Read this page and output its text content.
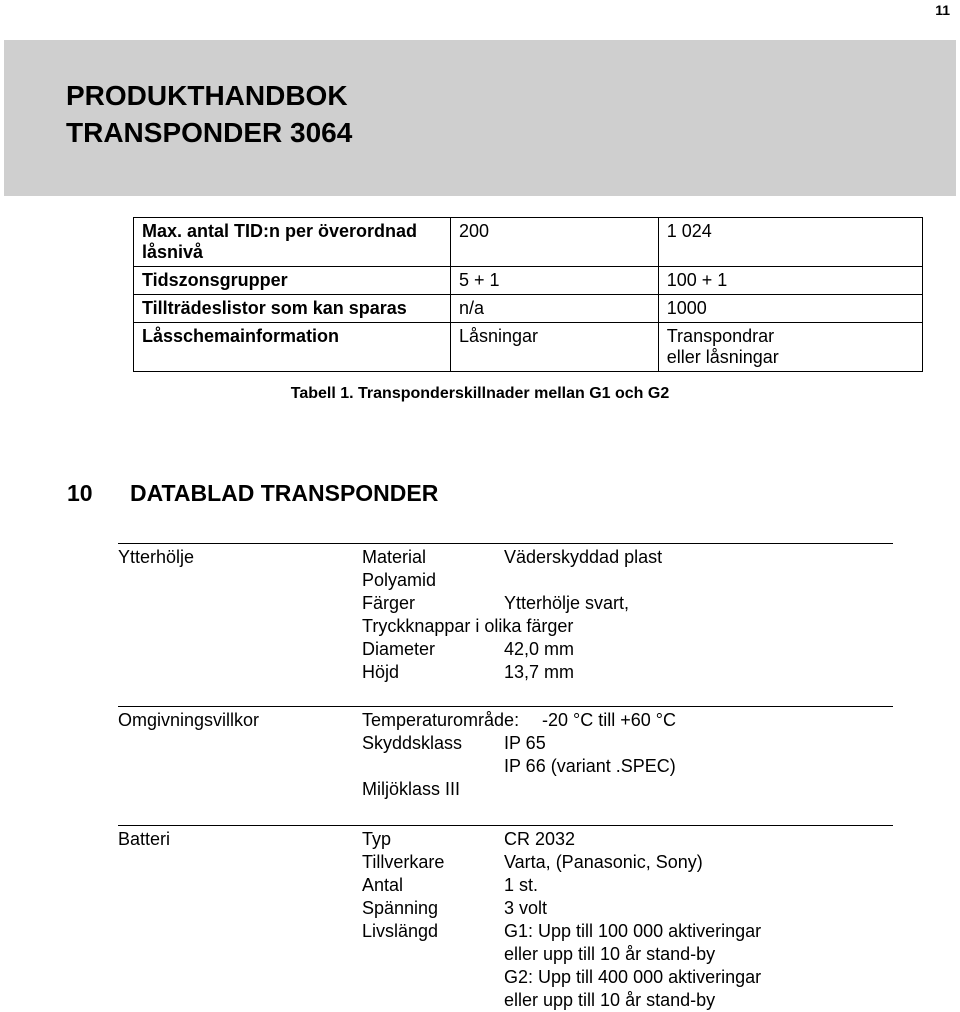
11
PRODUKTHANDBOK
TRANSPONDER 3064
Max. antal TID:n per överordnad låsnivå	200	1 024
Tidszonsgrupper	5 + 1	100 + 1
Tillträdeslistor som kan sparas	n/a	1000
Låsschemainformation	Låsningar	Transpondrar
eller låsningar
Tabell 1. Transponderskillnader mellan G1 och G2
10 DATABLAD TRANSPONDER
Ytterhölje	Material	Väderskyddad plast
Polyamid
Färger	Ytterhölje svart,
Tryckknappar i olika färger
Diameter	42,0 mm
Höjd	13,7 mm
Omgivningsvillkor	Temperaturområde: -20 °C till +60 °C
Skyddsklass IP 65
IP 66 (variant .SPEC)
Miljöklass III
Batteri	Typ	CR 2032
Tillverkare	Varta, (Panasonic, Sony)
Antal	1 st.
Spänning	3 volt
Livslängd	G1: Upp till 100 000 aktiveringar
eller upp till 10 år stand-by
G2: Upp till 400 000 aktiveringar
eller upp till 10 år stand-by
